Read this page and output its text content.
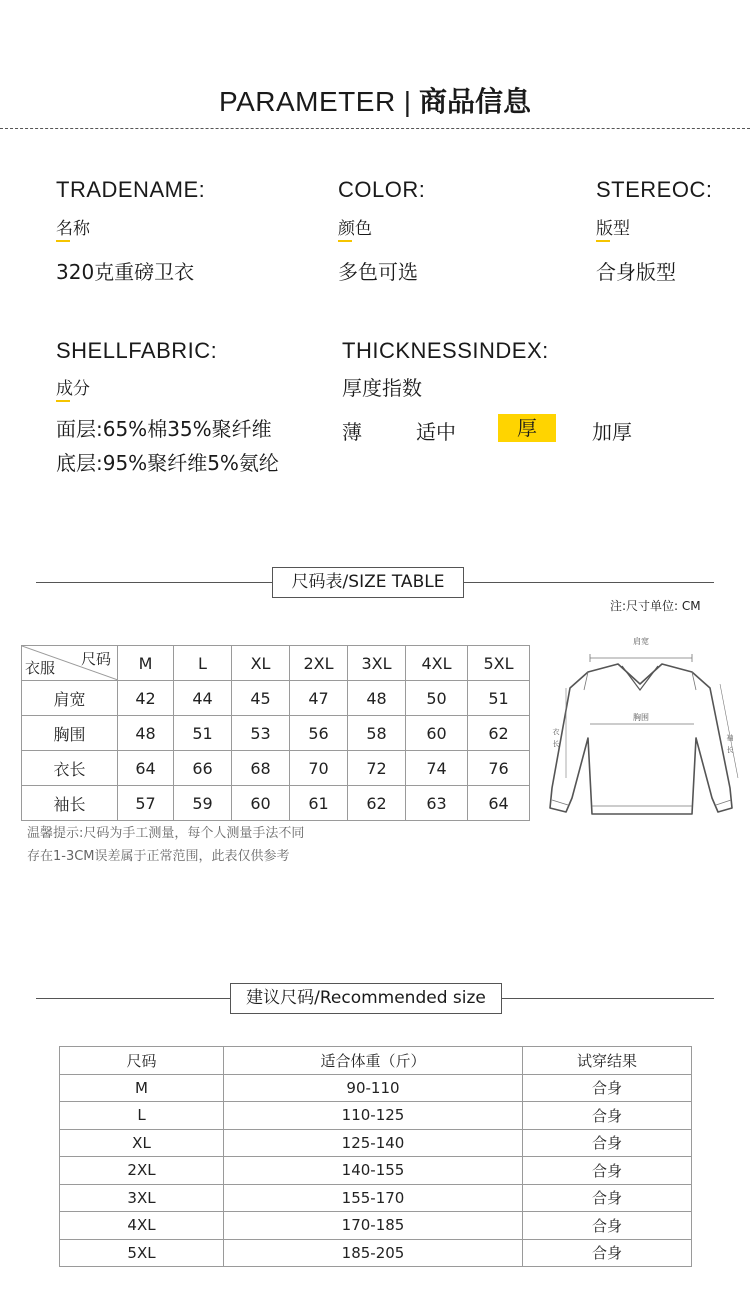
PARAMETER | 商品信息
TRADENAME:
名称
320克重磅卫衣
COLOR:
颜色
多色可选
STEREOC:
版型
合身版型
SHELLFABRIC:
成分
面层:65%棉35%聚纤维
底层:95%聚纤维5%氨纶
THICKNESSINDEX:
厚度指数
薄	适中	厚	加厚
尺码表/SIZE TABLE
注:尺寸单位: CM
尺码
衣服	M	L	XL	2XL	3XL	4XL	5XL
肩宽	42	44	45	47	48	50	51
胸围	48	51	53	56	58	60	62
衣长	64	66	68	70	72	74	76
袖长	57	59	60	61	62	63	64
肩宽
胸围
衣
长
袖
长
温馨提示:尺码为手工测量，每个人测量手法不同
存在1-3CM误差属于正常范围，此表仅供参考
建议尺码/Recommended size
尺码	适合体重（斤）	试穿结果
M	90-110	合身
L	110-125	合身
XL	125-140	合身
2XL	140-155	合身
3XL	155-170	合身
4XL	170-185	合身
5XL	185-205	合身
